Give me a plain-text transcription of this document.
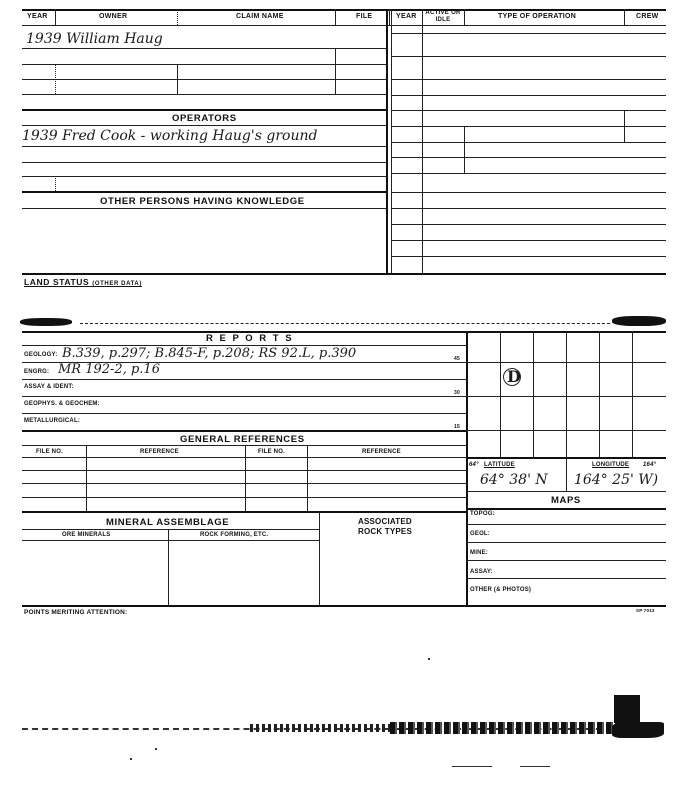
YEAR	OWNER	CLAIM NAME	FILE	YEAR ACTIVE OR IDLE	TYPE OF OPERATION	CREW
1939 William Haug
OPERATORS
1939 Fred Cook - working Haug's ground
OTHER PERSONS HAVING KNOWLEDGE
LAND STATUS (OTHER DATA)
R E P O R T S
GEOLOGY: B.339, p.297; B.845-F, p.208; RS 92.L, p.390	45
ENGRG: MR 192-2, p.16
ASSAY & IDENT:
30
GEOPHYS. & GEOCHEM:
METALLURGICAL:
15
GENERAL REFERENCES
FILE NO.	REFERENCE	FILE NO.	REFERENCE
MINERAL ASSEMBLAGE	ASSOCIATED
ROCK TYPES
ORE MINERALS	ROCK FORMING, ETC.
D
64° LATITUDE	LONGITUDE 164°
64° 38' N 164° 25' W)
MAPS
TOPOG:
GEOL:
MINE:
ASSAY:
OTHER (& PHOTOS)
POINTS MERITING ATTENTION:	SP 7013
